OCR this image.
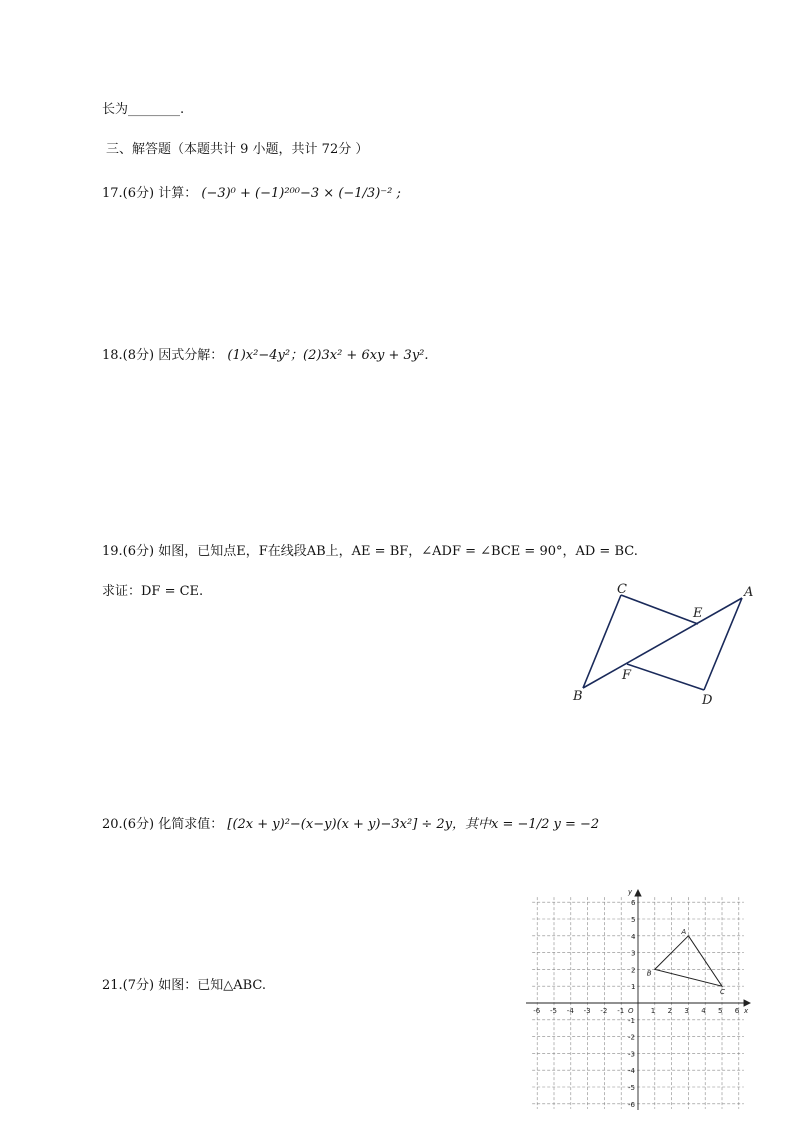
长为________.
三、解答题（本题共计 9 小题，共计 72分 ）
17.(6分) 计算： (−3)⁰ + (−1)²⁰⁰−3 × (−1/3)⁻² ;
18.(8分) 因式分解： (1)x²−4y²；(2)3x² + 6xy + 3y².
19.(6分) 如图，已知点E，F在线段AB上，AE = BF，∠ADF = ∠BCE = 90°，AD = BC.
求证：DF = CE.	C
E
A
F
B	D
20.(6分) 化简求值： [(2x + y)²−(x−y)(x + y)−3x²] ÷ 2y，其中x = −1/2 y = −2
21.(7分) 如图：已知△ABC.
x
y
O
-6
-6
-5
-5
-4
-4
-3
-3
-2
-2
-1
-1
1
1
2
2
3
3
4
4
5
5
6
6
A
B
C
